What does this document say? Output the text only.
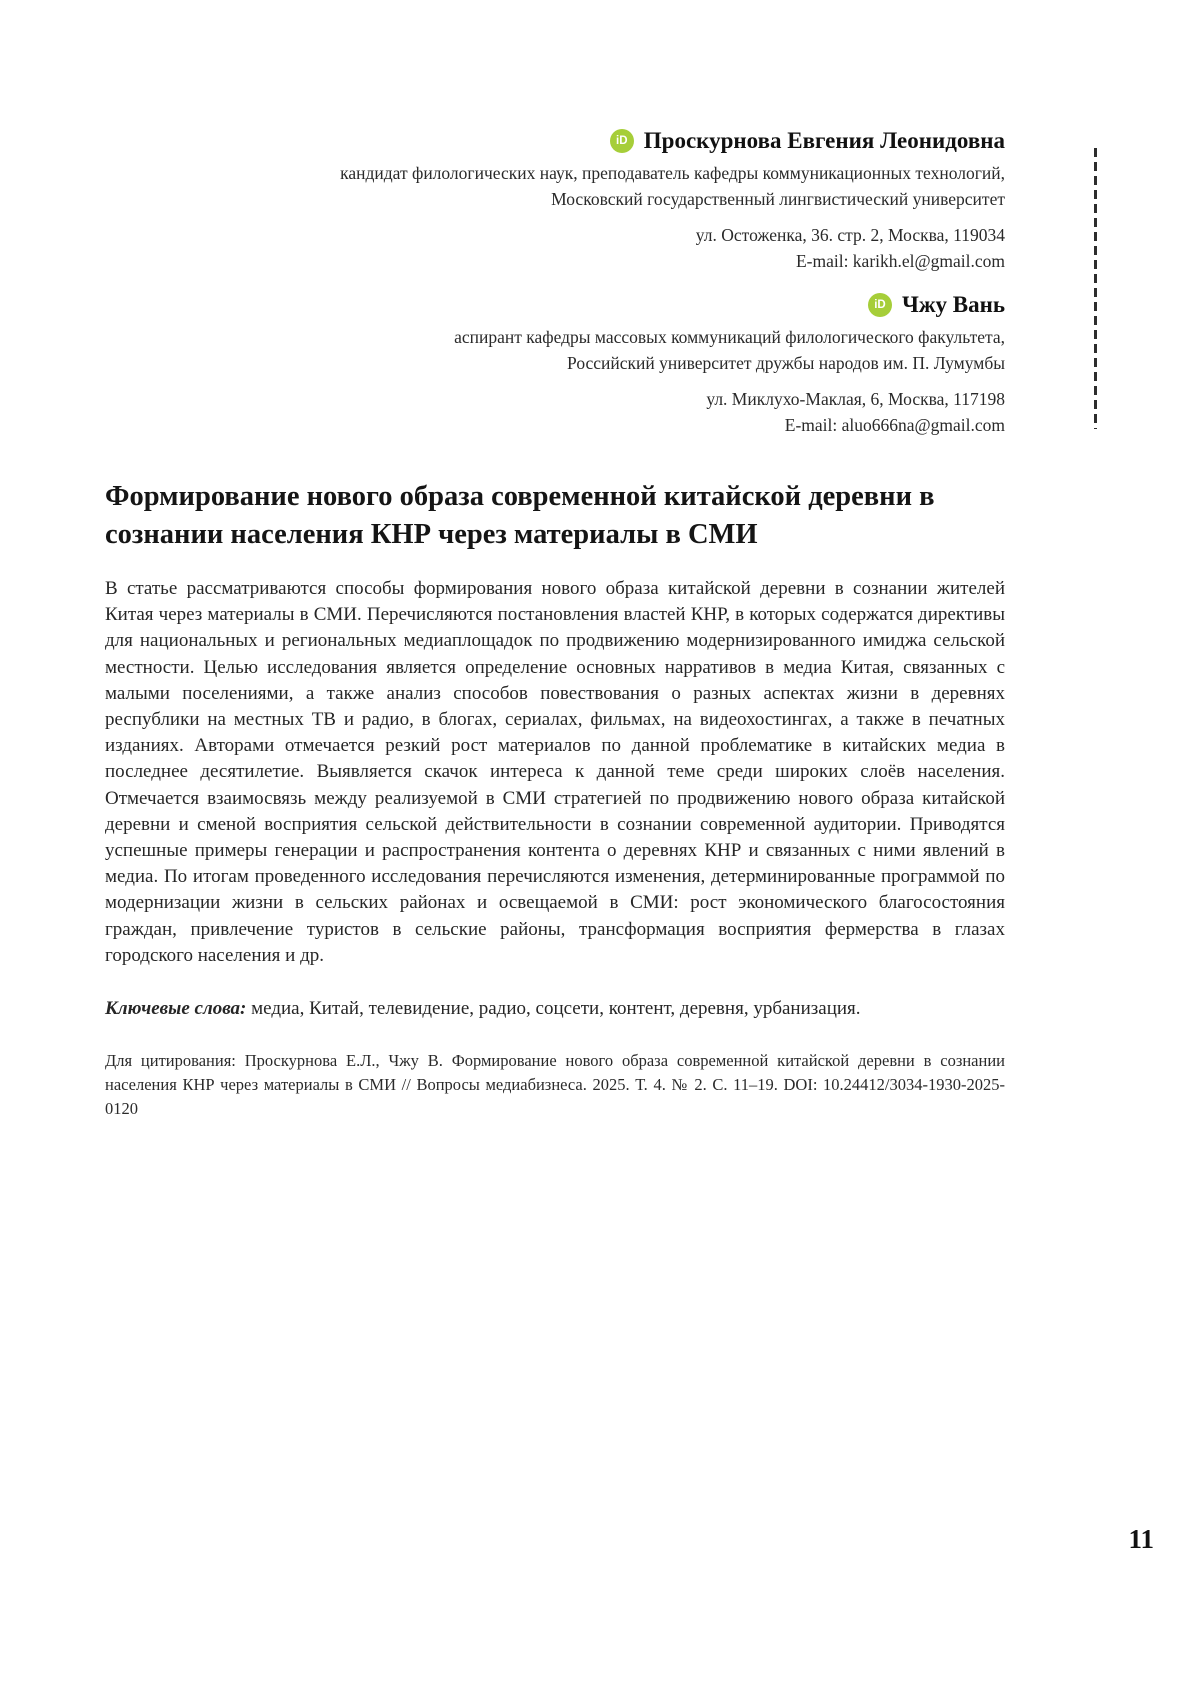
iD Проскурнова Евгения Леонидовна
кандидат филологических наук, преподаватель кафедры коммуникационных технологий,
Московский государственный лингвистический университет
ул. Остоженка, 36. стр. 2, Москва, 119034
E-mail: karikh.el@gmail.com
iD Чжу Вань
аспирант кафедры массовых коммуникаций филологического факультета,
Российский университет дружбы народов им. П. Лумумбы
ул. Миклухо-Маклая, 6, Москва, 117198
E-mail: aluo666na@gmail.com
Формирование нового образа современной китайской деревни в сознании населения КНР через материалы в СМИ

В статье рассматриваются способы формирования нового образа китайской деревни в сознании жителей Китая через материалы в СМИ. Перечисляются постановления властей КНР, в которых содержатся директивы для национальных и региональных медиаплощадок по продвижению модернизированного имиджа сельской местности. Целью исследования является определение основных нарративов в медиа Китая, связанных с малыми поселениями, а также анализ способов повествования о разных аспектах жизни в деревнях республики на местных ТВ и радио, в блогах, сериалах, фильмах, на видеохостингах, а также в печатных изданиях. Авторами отмечается резкий рост материалов по данной проблематике в китайских медиа в последнее десятилетие. Выявляется скачок интереса к данной теме среди широких слоёв населения. Отмечается взаимосвязь между реализуемой в СМИ стратегией по продвижению нового образа китайской деревни и сменой восприятия сельской действительности в сознании современной аудитории. Приводятся успешные примеры генерации и распространения контента о деревнях КНР и связанных с ними явлений в медиа. По итогам проведенного исследования перечисляются изменения, детерминированные программой по модернизации жизни в сельских районах и освещаемой в СМИ: рост экономического благосостояния граждан, привлечение туристов в сельские районы, трансформация восприятия фермерства в глазах городского населения и др.

Ключевые слова: медиа, Китай, телевидение, радио, соцсети, контент, деревня, урбанизация.

Для цитирования: Проскурнова Е.Л., Чжу В. Формирование нового образа современной китайской деревни в сознании населения КНР через материалы в СМИ // Вопросы медиабизнеса. 2025. Т. 4. № 2. С. 11–19. DOI: 10.24412/3034-1930-2025-0120

11
